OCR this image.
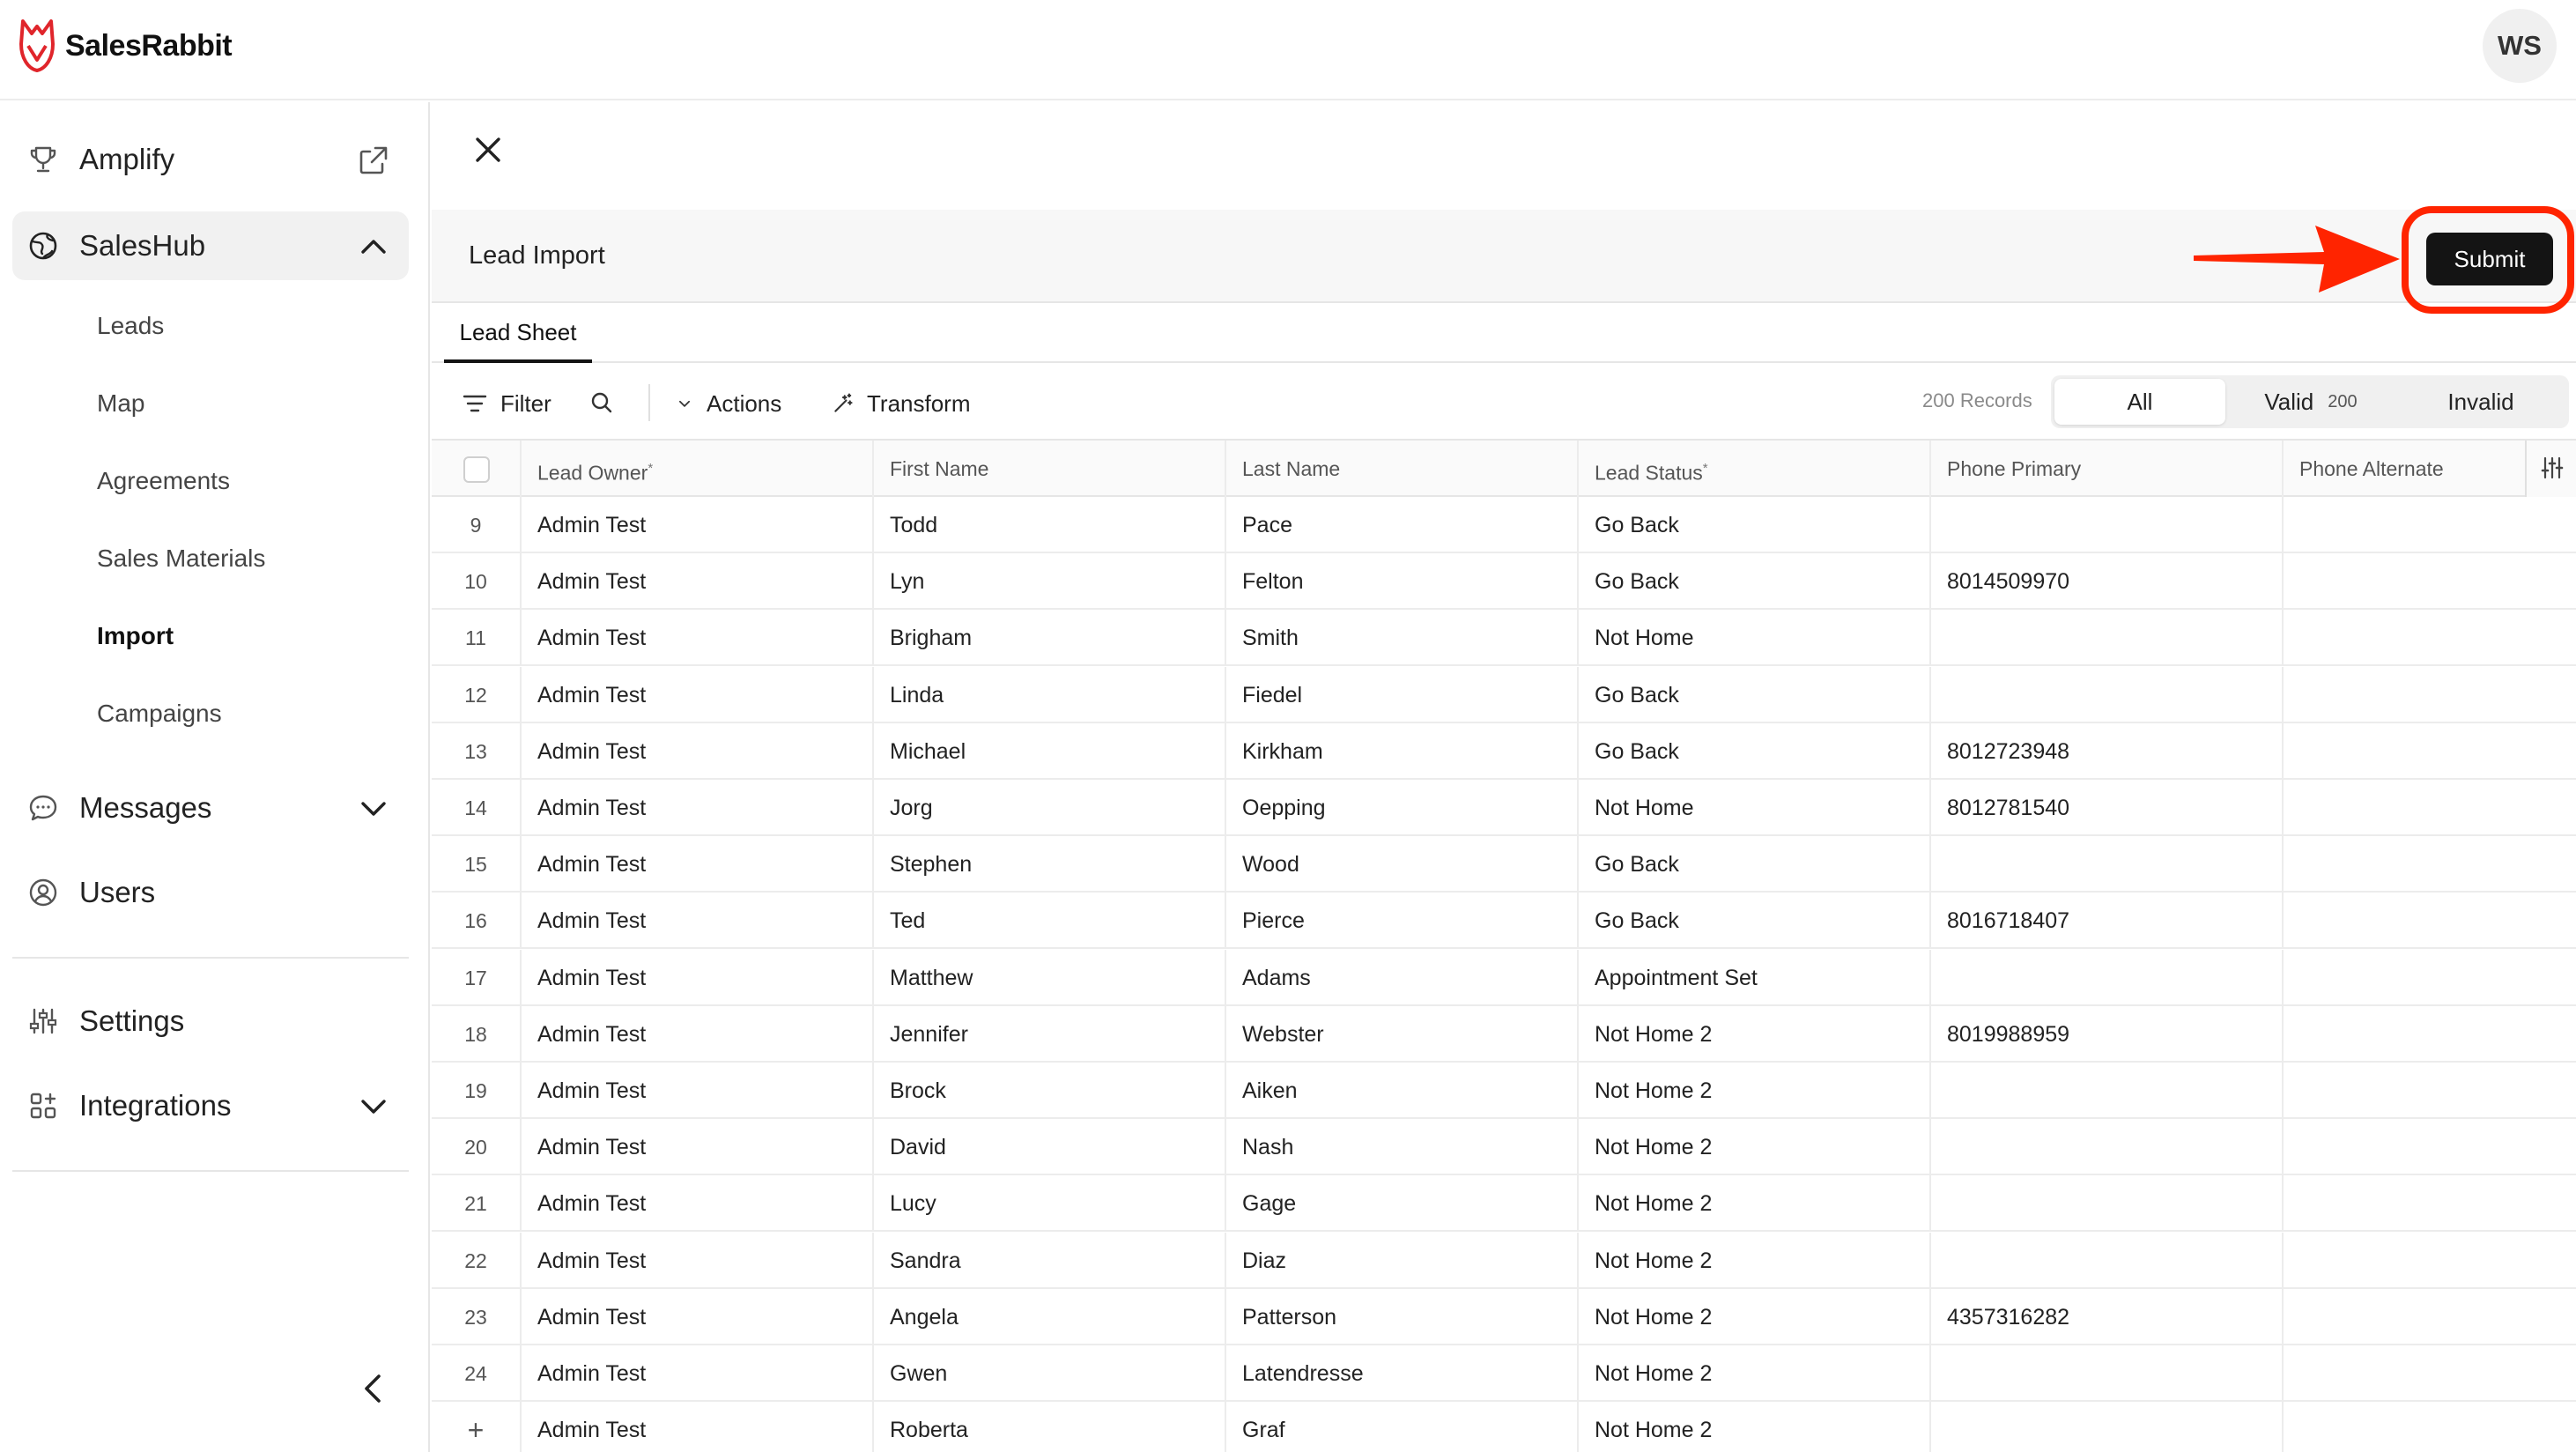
SalesRabbit	WS
Amplify
SalesHub
Leads
Map
Agreements
Sales Materials
Import
Campaigns
Messages
Users
Settings
Integrations
Lead Import	Submit
Lead Sheet
Filter	Actions	Transform	200 Records	All	Valid 200	Invalid
Lead Owner*	First Name	Last Name	Lead Status*	Phone Primary	Phone Alternate
9	Admin Test	Todd	Pace	Go Back
10	Admin Test	Lyn	Felton	Go Back	8014509970
11	Admin Test	Brigham	Smith	Not Home
12	Admin Test	Linda	Fiedel	Go Back
13	Admin Test	Michael	Kirkham	Go Back	8012723948
14	Admin Test	Jorg	Oepping	Not Home	8012781540
15	Admin Test	Stephen	Wood	Go Back
16	Admin Test	Ted	Pierce	Go Back	8016718407
17	Admin Test	Matthew	Adams	Appointment Set
18	Admin Test	Jennifer	Webster	Not Home 2	8019988959
19	Admin Test	Brock	Aiken	Not Home 2
20	Admin Test	David	Nash	Not Home 2
21	Admin Test	Lucy	Gage	Not Home 2
22	Admin Test	Sandra	Diaz	Not Home 2
23	Admin Test	Angela	Patterson	Not Home 2	4357316282
24	Admin Test	Gwen	Latendresse	Not Home 2
+	Admin Test	Roberta	Graf	Not Home 2
